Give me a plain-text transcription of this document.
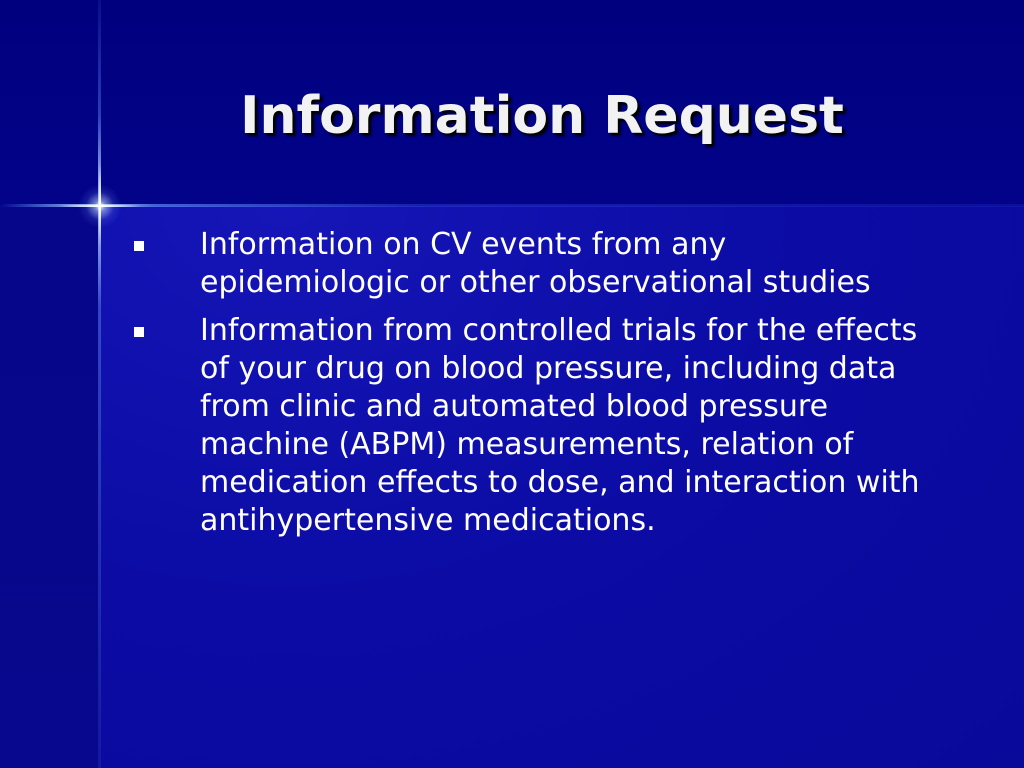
Information Request
Information on CV events from any epidemiologic or other observational studies
Information from controlled trials for the effects of your drug on blood pressure, including data from clinic and automated blood pressure machine (ABPM) measurements, relation of medication effects to dose, and interaction with antihypertensive medications.
